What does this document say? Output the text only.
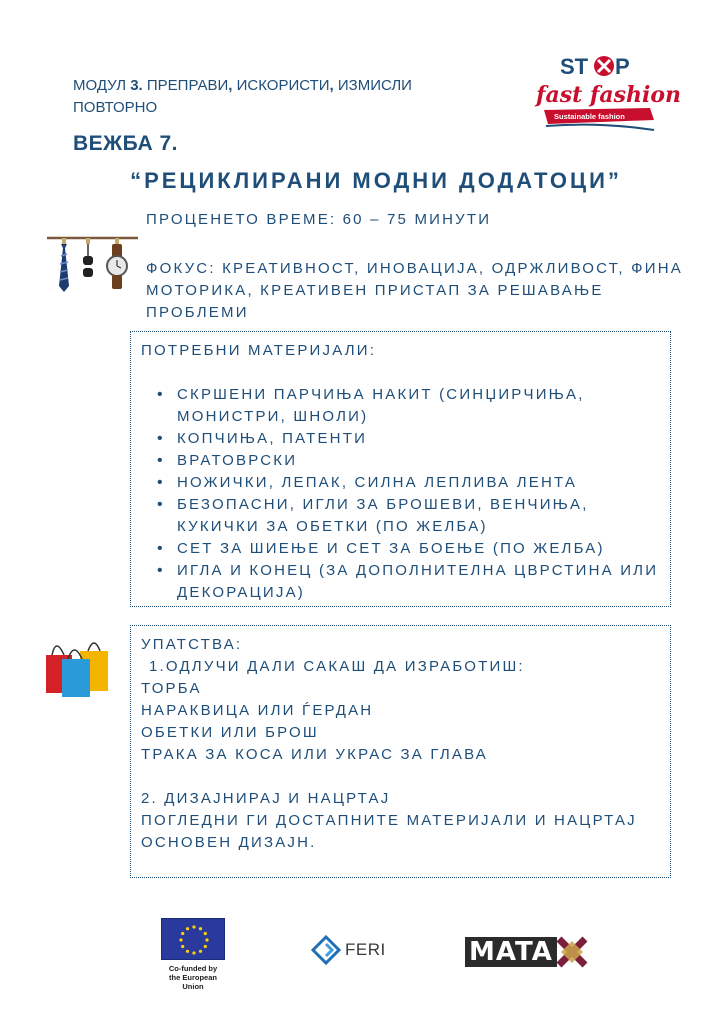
МОДУЛ 3. ПРЕПРАВИ, ИСКОРИСТИ, ИЗМИСЛИ ПОВТОРНО
ST P
fast fashion
Sustainable fashion
ВЕЖБА 7.
“РЕЦИКЛИРАНИ МОДНИ ДОДАТОЦИ”
ПРОЦЕНЕТО ВРЕМЕ: 60 – 75 МИНУТИ
ФОКУС: КРЕАТИВНОСТ, ИНОВАЦИЈА, ОДРЖЛИВОСТ, ФИНА МОТОРИКА, КРЕАТИВЕН ПРИСТАП ЗА РЕШАВАЊЕ ПРОБЛЕМИ
ПОТРЕБНИ МАТЕРИЈАЛИ:
• СКРШЕНИ ПАРЧИЊА НАКИТ (СИНЏИРЧИЊА, МОНИСТРИ, ШНОЛИ)
• КОПЧИЊА, ПАТЕНТИ
• ВРАТОВРСКИ
• НОЖИЧКИ, ЛЕПАК, СИЛНА ЛЕПЛИВА ЛЕНТА
• БЕЗОПАСНИ, ИГЛИ ЗА БРОШЕВИ, ВЕНЧИЊА, КУКИЧКИ ЗА ОБЕТКИ (ПО ЖЕЛБА)
• СЕТ ЗА ШИЕЊЕ И СЕТ ЗА БОЕЊЕ (ПО ЖЕЛБА)
• ИГЛА И КОНЕЦ (ЗА ДОПОЛНИТЕЛНА ЦВРСТИНА ИЛИ ДЕКОРАЦИЈА)
УПАТСТВА:
1.ОДЛУЧИ ДАЛИ САКАШ ДА ИЗРАБОТИШ:
ТОРБА
НАРАКВИЦА ИЛИ ЃЕРДАН
ОБЕТКИ ИЛИ БРОШ
ТРАКА ЗА КОСА ИЛИ УКРАС ЗА ГЛАВА
2. ДИЗАЈНИРАЈ И НАЦРТАЈ
ПОГЛЕДНИ ГИ ДОСТАПНИТЕ МАТЕРИЈАЛИ И НАЦРТАЈ ОСНОВЕН ДИЗАЈН.
Co-funded by
the European Union
FERI	MATA
